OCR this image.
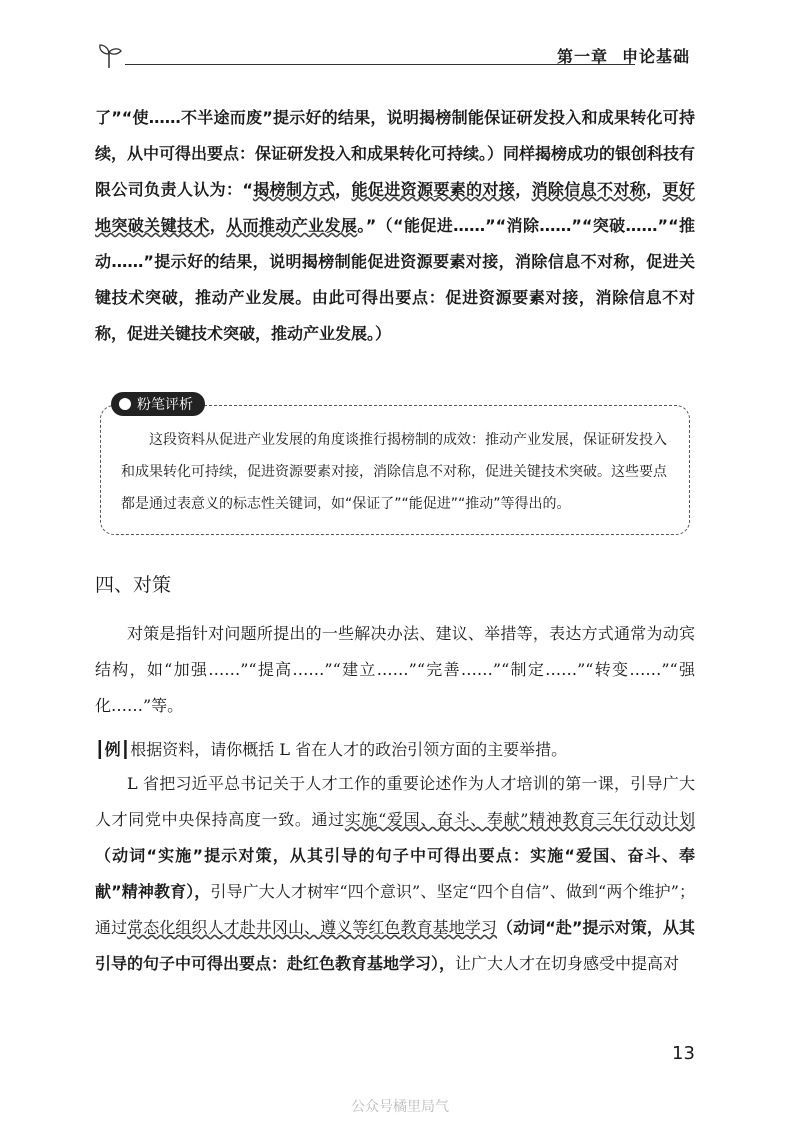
第一章 申论基础

了”“使……不半途而废”提示好的结果，说明揭榜制能保证研发投入和成果转化可持续，从中可得出要点：保证研发投入和成果转化可持续。）同样揭榜成功的银创科技有限公司负责人认为：“揭榜制方式，能促进资源要素的对接，消除信息不对称，更好地突破关键技术，从而推动产业发展。”（“能促进……”“消除……”“突破……”“推动……”提示好的结果，说明揭榜制能促进资源要素对接，消除信息不对称，促进关键技术突破，推动产业发展。由此可得出要点：促进资源要素对接，消除信息不对称，促进关键技术突破，推动产业发展。）

粉笔评析

这段资料从促进产业发展的角度谈推行揭榜制的成效：推动产业发展，保证研发投入和成果转化可持续，促进资源要素对接，消除信息不对称，促进关键技术突破。这些要点都是通过表意义的标志性关键词，如“保证了”“能促进”“推动”等得出的。

四、对策

对策是指针对问题所提出的一些解决办法、建议、举措等，表达方式通常为动宾结构，如“加强……”“提高……”“建立……”“完善……”“制定……”“转变……”“强化……”等。

┃例┃根据资料，请你概括 L 省在人才的政治引领方面的主要举措。

L 省把习近平总书记关于人才工作的重要论述作为人才培训的第一课，引导广大人才同党中央保持高度一致。通过实施“爱国、奋斗、奉献”精神教育三年行动计划（动词“实施”提示对策，从其引导的句子中可得出要点：实施“爱国、奋斗、奉献”精神教育），引导广大人才树牢“四个意识”、坚定“四个自信”、做到“两个维护”；通过常态化组织人才赴井冈山、遵义等红色教育基地学习（动词“赴”提示对策，从其引导的句子中可得出要点：赴红色教育基地学习），让广大人才在切身感受中提高对

13
公众号橘里局气
